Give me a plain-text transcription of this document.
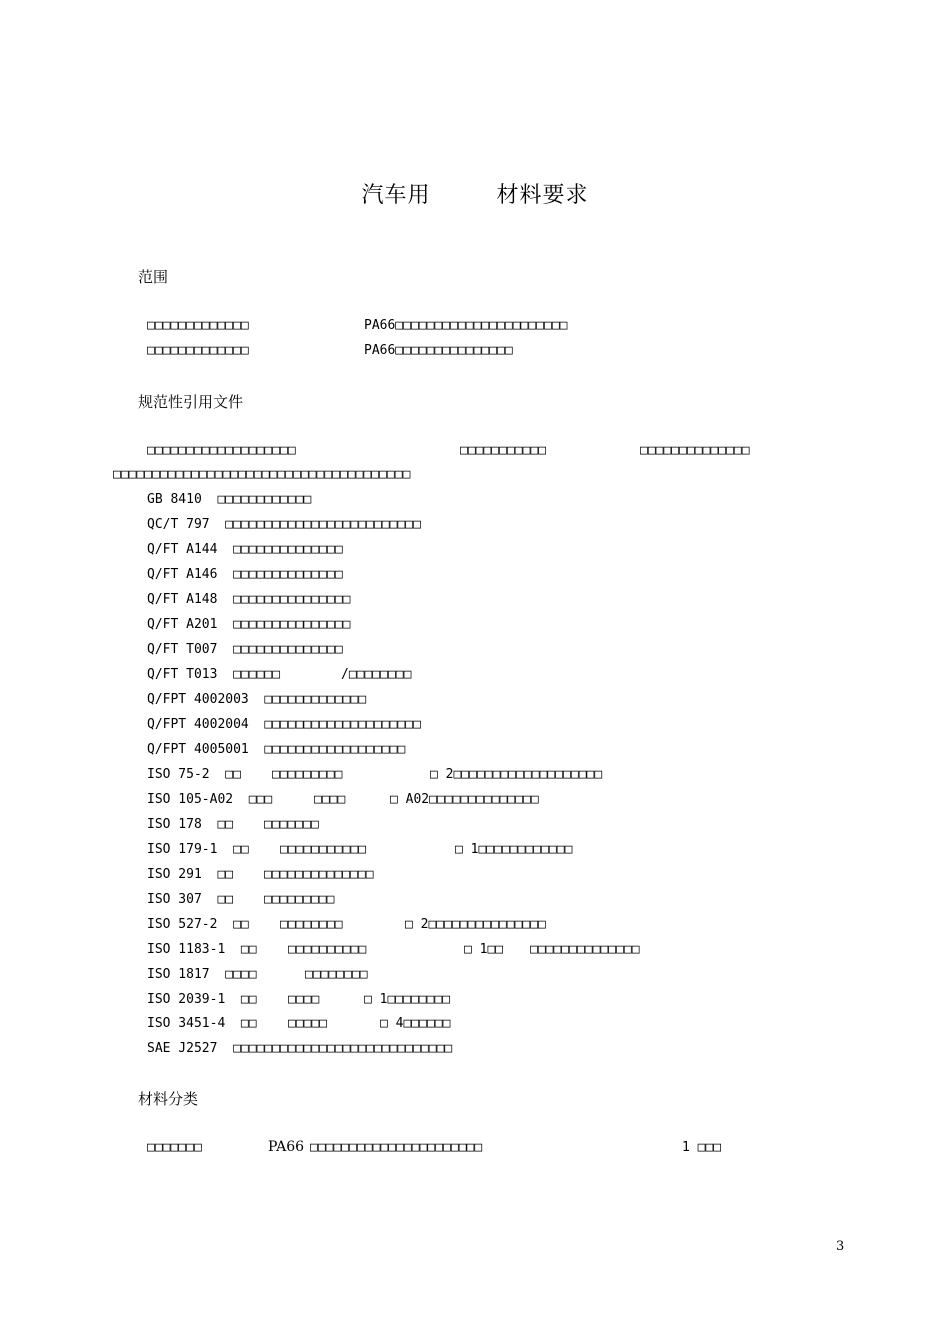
汽车用	材料要求
范围
□□□□□□□□□□□□□	PA66□□□□□□□□□□□□□□□□□□□□□□
□□□□□□□□□□□□□	PA66□□□□□□□□□□□□□□□
规范性引用文件
□□□□□□□□□□□□□□□□□□□	□□□□□□□□□□□	□□□□□□□□□□□□□□
□□□□□□□□□□□□□□□□□□□□□□□□□□□□□□□□□□□□□□
GB 8410  □□□□□□□□□□□□
QC/T 797  □□□□□□□□□□□□□□□□□□□□□□□□□
Q/FT A144  □□□□□□□□□□□□□□
Q/FT A146  □□□□□□□□□□□□□□
Q/FT A148  □□□□□□□□□□□□□□□
Q/FT A201  □□□□□□□□□□□□□□□
Q/FT T007  □□□□□□□□□□□□□□
Q/FT T013  □□□□□□	/□□□□□□□□
Q/FPT 4002003  □□□□□□□□□□□□□
Q/FPT 4002004  □□□□□□□□□□□□□□□□□□□□
Q/FPT 4005001  □□□□□□□□□□□□□□□□□□
ISO 75-2  □□ □□□□□□□□□	□ 2□□□□□□□□□□□□□□□□□□□
ISO 105-A02  □□□	□□□□	□ A02□□□□□□□□□□□□□□
ISO 178  □□ □□□□□□□
ISO 179-1  □□ □□□□□□□□□□□	□ 1□□□□□□□□□□□□
ISO 291  □□ □□□□□□□□□□□□□□
ISO 307  □□ □□□□□□□□□
ISO 527-2  □□ □□□□□□□□	□ 2□□□□□□□□□□□□□□□
ISO 1183-1  □□ □□□□□□□□□□	□ 1□□ □□□□□□□□□□□□□□
ISO 1817  □□□□	□□□□□□□□
ISO 2039-1  □□ □□□□	□ 1□□□□□□□□
ISO 3451-4  □□ □□□□□	□ 4□□□□□□
SAE J2527  □□□□□□□□□□□□□□□□□□□□□□□□□□□□
材料分类
□□□□□□□	PA66 □□□□□□□□□□□□□□□□□□□□□□	1 □□□
3
